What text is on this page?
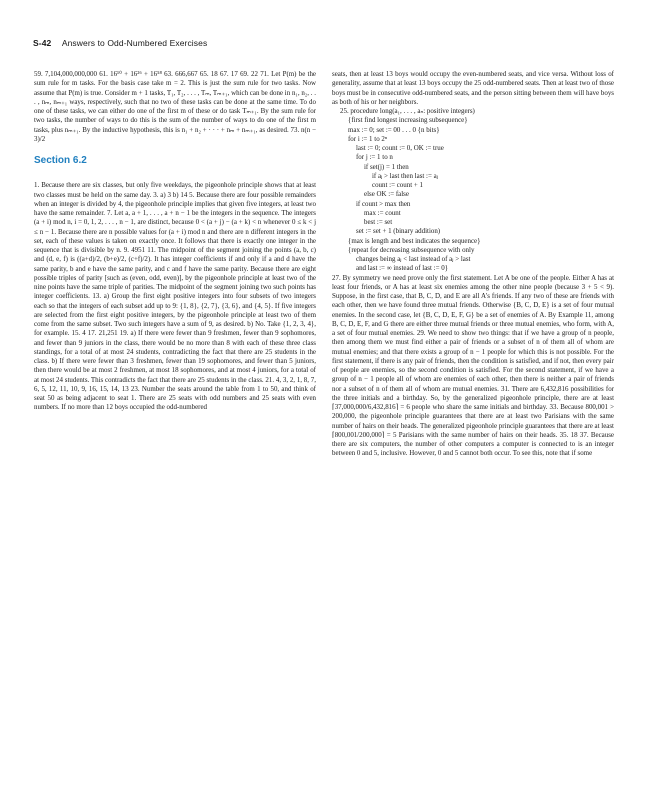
S-42 Answers to Odd-Numbered Exercises

59. 7,104,000,000,000 61. 16¹⁰ + 16²⁶ + 16⁵⁸ 63. 666,667 65. 18 67. 17 69. 22 71. Let P(m) be the sum rule for m tasks. For the basis case take m = 2. This is just the sum rule for two tasks. Now assume that P(m) is true. Consider m + 1 tasks, T₁, T₂, . . . , Tₘ, Tₘ₊₁, which can be done in n₁, n₂, . . . , nₘ, nₘ₊₁ ways, respectively, such that no two of these tasks can be done at the same time. To do one of these tasks, we can either do one of the first m of these or do task Tₘ₊₁. By the sum rule for two tasks, the number of ways to do this is the sum of the number of ways to do one of the first m tasks, plus nₘ₊₁. By the inductive hypothesis, this is n₁ + n₂ + · · · + nₘ + nₘ₊₁, as desired. 73. n(n − 3)/2

Section 6.2

1. Because there are six classes, but only five weekdays, the pigeonhole principle shows that at least two classes must be held on the same day. 3. a) 3 b) 14 5. Because there are four possible remainders when an integer is divided by 4, the pigeonhole principle implies that given five integers, at least two have the same remainder. 7. Let a, a + 1, . . . , a + n − 1 be the integers in the sequence. The integers (a + i) mod n, i = 0, 1, 2, . . . , n − 1, are distinct, because 0 < (a + j) − (a + k) < n whenever 0 ≤ k < j ≤ n − 1. Because there are n possible values for (a + i) mod n and there are n different integers in the set, each of these values is taken on exactly once. It follows that there is exactly one integer in the sequence that is divisible by n. 9. 4951 11. The midpoint of the segment joining the points (a, b, c) and (d, e, f) is ((a+d)/2, (b+e)/2, (c+f)/2). It has integer coefficients if and only if a and d have the same parity, b and e have the same parity, and c and f have the same parity. Because there are eight possible triples of parity [such as (even, odd, even)], by the pigeonhole principle at least two of the nine points have the same triple of parities. The midpoint of the segment joining two such points has integer coefficients. 13. a) Group the first eight positive integers into four subsets of two integers each so that the integers of each subset add up to 9: {1, 8}, {2, 7}, {3, 6}, and {4, 5}. If five integers are selected from the first eight positive integers, by the pigeonhole principle at least two of them come from the same subset. Two such integers have a sum of 9, as desired. b) No. Take {1, 2, 3, 4}, for example. 15. 4 17. 21,251 19. a) If there were fewer than 9 freshmen, fewer than 9 sophomores, and fewer than 9 juniors in the class, there would be no more than 8 with each of these three class standings, for a total of at most 24 students, contradicting the fact that there are 25 students in the class. b) If there were fewer than 3 freshmen, fewer than 19 sophomores, and fewer than 5 juniors, then there would be at most 2 freshmen, at most 18 sophomores, and at most 4 juniors, for a total of at most 24 students. This contradicts the fact that there are 25 students in the class. 21. 4, 3, 2, 1, 8, 7, 6, 5, 12, 11, 10, 9, 16, 15, 14, 13 23. Number the seats around the table from 1 to 50, and think of seat 50 as being adjacent to seat 1. There are 25 seats with odd numbers and 25 seats with even numbers. If no more than 12 boys occupied the odd-numbered

seats, then at least 13 boys would occupy the even-numbered seats, and vice versa. Without loss of generality, assume that at least 13 boys occupy the 25 odd-numbered seats. Then at least two of those boys must be in consecutive odd-numbered seats, and the person sitting between them will have boys as both of his or her neighbors.

25. procedure long(a₁, . . . , aₙ: positive integers)
{first find longest increasing subsequence}
max := 0; set := 00 . . . 0 {n bits}
for i := 1 to 2ⁿ
last := 0; count := 0, OK := true
for j := 1 to n
if set(j) = 1 then
if aⱼ > last then last := aⱼ
count := count + 1
else OK := false
if count > max then
max := count
best := set
set := set + 1 (binary addition)
{max is length and best indicates the sequence}
{repeat for decreasing subsequence with only
changes being aⱼ < last instead of aⱼ > last
and last := ∞ instead of last := 0}

27. By symmetry we need prove only the first statement. Let A be one of the people. Either A has at least four friends, or A has at least six enemies among the other nine people (because 3 + 5 < 9). Suppose, in the first case, that B, C, D, and E are all A's friends. If any two of these are friends with each other, then we have found three mutual friends. Otherwise {B, C, D, E} is a set of four mutual enemies. In the second case, let {B, C, D, E, F, G} be a set of enemies of A. By Example 11, among B, C, D, E, F, and G there are either three mutual friends or three mutual enemies, who form, with A, a set of four mutual enemies. 29. We need to show two things: that if we have a group of n people, then among them we must find either a pair of friends or a subset of n of them all of whom are mutual enemies; and that there exists a group of n − 1 people for which this is not possible. For the first statement, if there is any pair of friends, then the condition is satisfied, and if not, then every pair of people are enemies, so the second condition is satisfied. For the second statement, if we have a group of n − 1 people all of whom are enemies of each other, then there is neither a pair of friends nor a subset of n of them all of whom are mutual enemies. 31. There are 6,432,816 possibilities for the three initials and a birthday. So, by the generalized pigeonhole principle, there are at least ⌈37,000,000/6,432,816⌉ = 6 people who share the same initials and birthday. 33. Because 800,001 > 200,000, the pigeonhole principle guarantees that there are at least two Parisians with the same number of hairs on their heads. The generalized pigeonhole principle guarantees that there are at least ⌈800,001/200,000⌉ = 5 Parisians with the same number of hairs on their heads. 35. 18 37. Because there are six computers, the number of other computers a computer is connected to is an integer between 0 and 5, inclusive. However, 0 and 5 cannot both occur. To see this, note that if some
